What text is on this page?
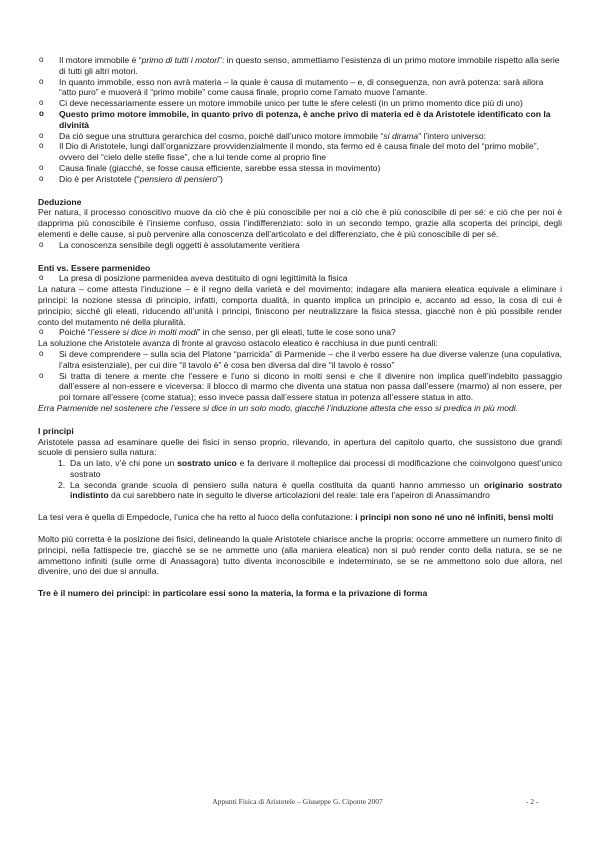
o Il motore immobile è “primo di tutti i motori”: in questo senso, ammettiamo l’esistenza di un primo motore immobile rispetto alla serie di tutti gli altri motori.
o In quanto immobile, esso non avrà materia – la quale è causa di mutamento – e, di conseguenza, non avrà potenza: sarà allora “atto puro” e muoverà il “primo mobile” come causa finale, proprio come l’amato muove l’amante.
o Ci deve necessariamente essere un motore immobile unico per tutte le sfere celesti (in un primo momento dice più di uno)
o Questo primo motore immobile, in quanto privo di potenza, è anche privo di materia ed è da Aristotele identificato con la divinità
o Da ciò segue una struttura gerarchica del cosmo, poiché dall’unico motore immobile “si dirama” l’intero universo:
o Il Dio di Aristotele, lungi dall’organizzare provvidenzialmente il mondo, sta fermo ed è causa finale del moto del “primo mobile”, ovvero del “cielo delle stelle fisse”, che a lui tende come al proprio fine
o Causa finale (giacché, se fosse causa efficiente, sarebbe essa stessa in movimento)
o Dio è per Aristotele (“pensiero di pensiero”)
Deduzione
Per natura, il processo conoscitivo muove da ciò che è più conoscibile per noi a ciò che è più conoscibile di per sé: e ciò che per noi è dapprima più conoscibile è l’insieme confuso, ossia l’indifferenziato: solo in un secondo tempo, grazie alla scoperta dei principi, degli elementi e delle cause, si può pervenire alla conoscenza dell’articolato e del differenziato, che è più conoscibile di per sé.
o La conoscenza sensibile degli oggetti è assolutamente veritiera
Enti vs. Essere parmenideo
o La presa di posizione parmenidea aveva destituito di ogni legittimità la fisica
La natura – come attesta l’induzione – è il regno della varietà e del movimento; indagare alla maniera eleatica equivale a eliminare i principi: la nozione stessa di principio, infatti, comporta dualità, in quanto implica un principio e, accanto ad esso, la cosa di cui è principio; sicché gli eleati, riducendo all’unità i principi, finiscono per neutralizzare la fisica stessa, giacché non è più possibile render conto del mutamento né della pluralità.
o Poiché “l’essere si dice in molti modi” in che senso, per gli eleati, tutte le cose sono una?
La soluzione che Aristotele avanza di fronte al gravoso ostacolo eleatico è racchiusa in due punti centrali:
o Si deve comprendere – sulla scia del Platone “parricida” di Parmenide – che il verbo essere ha due diverse valenze (una copulativa, l’altra esistenziale), per cui dire “il tavolo è” è cosa ben diversa dal dire “il tavolo è rosso”
o Si tratta di tenere a mente che l’essere e l’uno si dicono in molti sensi e che il divenire non implica quell’indebito passaggio dall’essere al non-essere e viceversa: il blocco di marmo che diventa una statua non passa dall’essere (marmo) al non essere, per poi tornare all’essere (come statua); esso invece passa dall’essere statua in potenza all’essere statua in atto.
Erra Parmenide nel sostenere che l’essere si dice in un solo modo, giacché l’induzione attesta che esso si predica in più modi.
I principi
Aristotele passa ad esaminare quelle dei fisici in senso proprio, rilevando, in apertura del capitolo quarto, che sussistono due grandi scuole di pensiero sulla natura:
1. Da un lato, v’è chi pone un sostrato unico e fa derivare il molteplice dai processi di modificazione che coinvolgono quest’unico sostrato
2. La seconda grande scuola di pensiero sulla natura è quella costituita da quanti hanno ammesso un originario sostrato indistinto da cui sarebbero nate in seguito le diverse articolazioni del reale: tale era l’apeiron di Anassimandro
La tesi vera è quella di Empedocle, l’unica che ha retto al fuoco della confutazione: i principi non sono né uno né infiniti, bensì molti
Molto più corretta è la posizione dei fisici, delineando la quale Aristotele chiarisce anche la propria: occorre ammettere un numero finito di principi, nella fattispecie tre, giacché se se ne ammette uno (alla maniera eleatica) non si può render conto della natura, se se ne ammettono infiniti (sulle orme di Anassagora) tutto diventa inconoscibile e indeterminato, se se ne ammettono solo due allora, nel divenire, uno dei due si annulla.
Tre è il numero dei principi: in particolare essi sono la materia, la forma e la privazione di forma
Appunti Fisica di Aristotele – Giuseppe G. Ciponte 2007	- 2 -
